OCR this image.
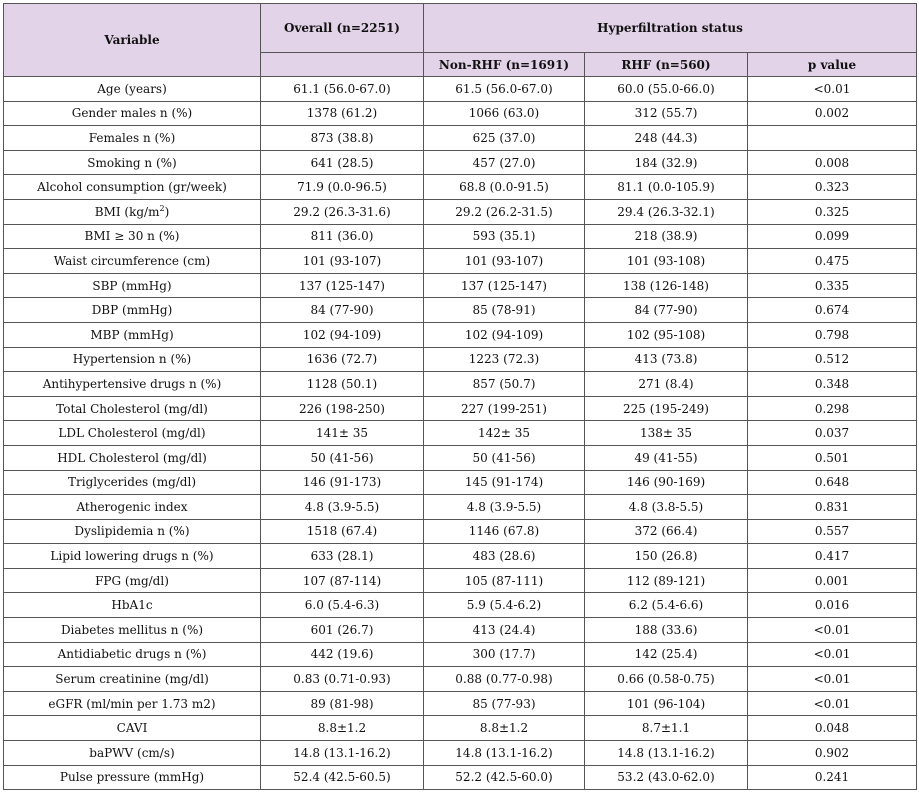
Variable	Overall (n=2251)	Hyperfiltration status		
		Non-RHF (n=1691)	RHF (n=560)	p value
Age (years)	61.1 (56.0-67.0)	61.5 (56.0-67.0)	60.0 (55.0-66.0)	<0.01
Gender males n (%)	1378 (61.2)	1066 (63.0)	312 (55.7)	0.002
Females n (%)	873 (38.8)	625 (37.0)	248 (44.3)	
Smoking n (%)	641 (28.5)	457 (27.0)	184 (32.9)	0.008
Alcohol consumption (gr/week)	71.9 (0.0-96.5)	68.8 (0.0-91.5)	81.1 (0.0-105.9)	0.323
BMI $(kg/m^2)$	29.2 (26.3-31.6)	29.2 (26.2-31.5)	29.4 (26.3-32.1)	0.325
BMI ≥ 30 n (%)	811 (36.0)	593 (35.1)	218 (38.9)	0.099
Waist circumference (cm)	101 (93-107)	101 (93-107)	101 (93-108)	0.475
SBP (mmHg)	137 (125-147)	137 (125-147)	138 (126-148)	0.335
DBP (mmHg)	84 (77-90)	85 (78-91)	84 (77-90)	0.674
MBP (mmHg)	102 (94-109)	102 (94-109)	102 (95-108)	0.798
Hypertension n (%)	1636 (72.7)	1223 (72.3)	413 (73.8)	0.512
Antihypertensive drugs n (%)	1128 (50.1)	857 (50.7)	271 (8.4)	0.348
Total Cholesterol (mg/dl)	226 (198-250)	227 (199-251)	225 (195-249)	0.298
LDL Cholesterol (mg/dl)	141± 35	142± 35	138± 35	0.037
HDL Cholesterol (mg/dl)	50 (41-56)	50 (41-56)	49 (41-55)	0.501
Triglycerides (mg/dl)	146 (91-173)	145 (91-174)	146 (90-169)	0.648
Atherogenic index	4.8 (3.9-5.5)	4.8 (3.9-5.5)	4.8 (3.8-5.5)	0.831
Dyslipidemia n (%)	1518 (67.4)	1146 (67.8)	372 (66.4)	0.557
Lipid lowering drugs n (%)	633 (28.1)	483 (28.6)	150 (26.8)	0.417
FPG (mg/dl)	107 (87-114)	105 (87-111)	112 (89-121)	0.001
HbA1c	6.0 (5.4-6.3)	5.9 (5.4-6.2)	6.2 (5.4-6.6)	0.016
Diabetes mellitus n (%)	601 (26.7)	413 (24.4)	188 (33.6)	<0.01
Antidiabetic drugs n (%)	442 (19.6)	300 (17.7)	142 (25.4)	<0.01
Serum creatinine (mg/dl)	0.83 (0.71-0.93)	0.88 (0.77-0.98)	0.66 (0.58-0.75)	<0.01
eGFR (ml/min per 1.73 m2)	89 (81-98)	85 (77-93)	101 (96-104)	<0.01
CAVI	8.8±1.2	8.8±1.2	8.7±1.1	0.048
baPWV (cm/s)	14.8 (13.1-16.2)	14.8 (13.1-16.2)	14.8 (13.1-16.2)	0.902
Pulse pressure (mmHg)	52.4 (42.5-60.5)	52.2 (42.5-60.0)	53.2 (43.0-62.0)	0.241
